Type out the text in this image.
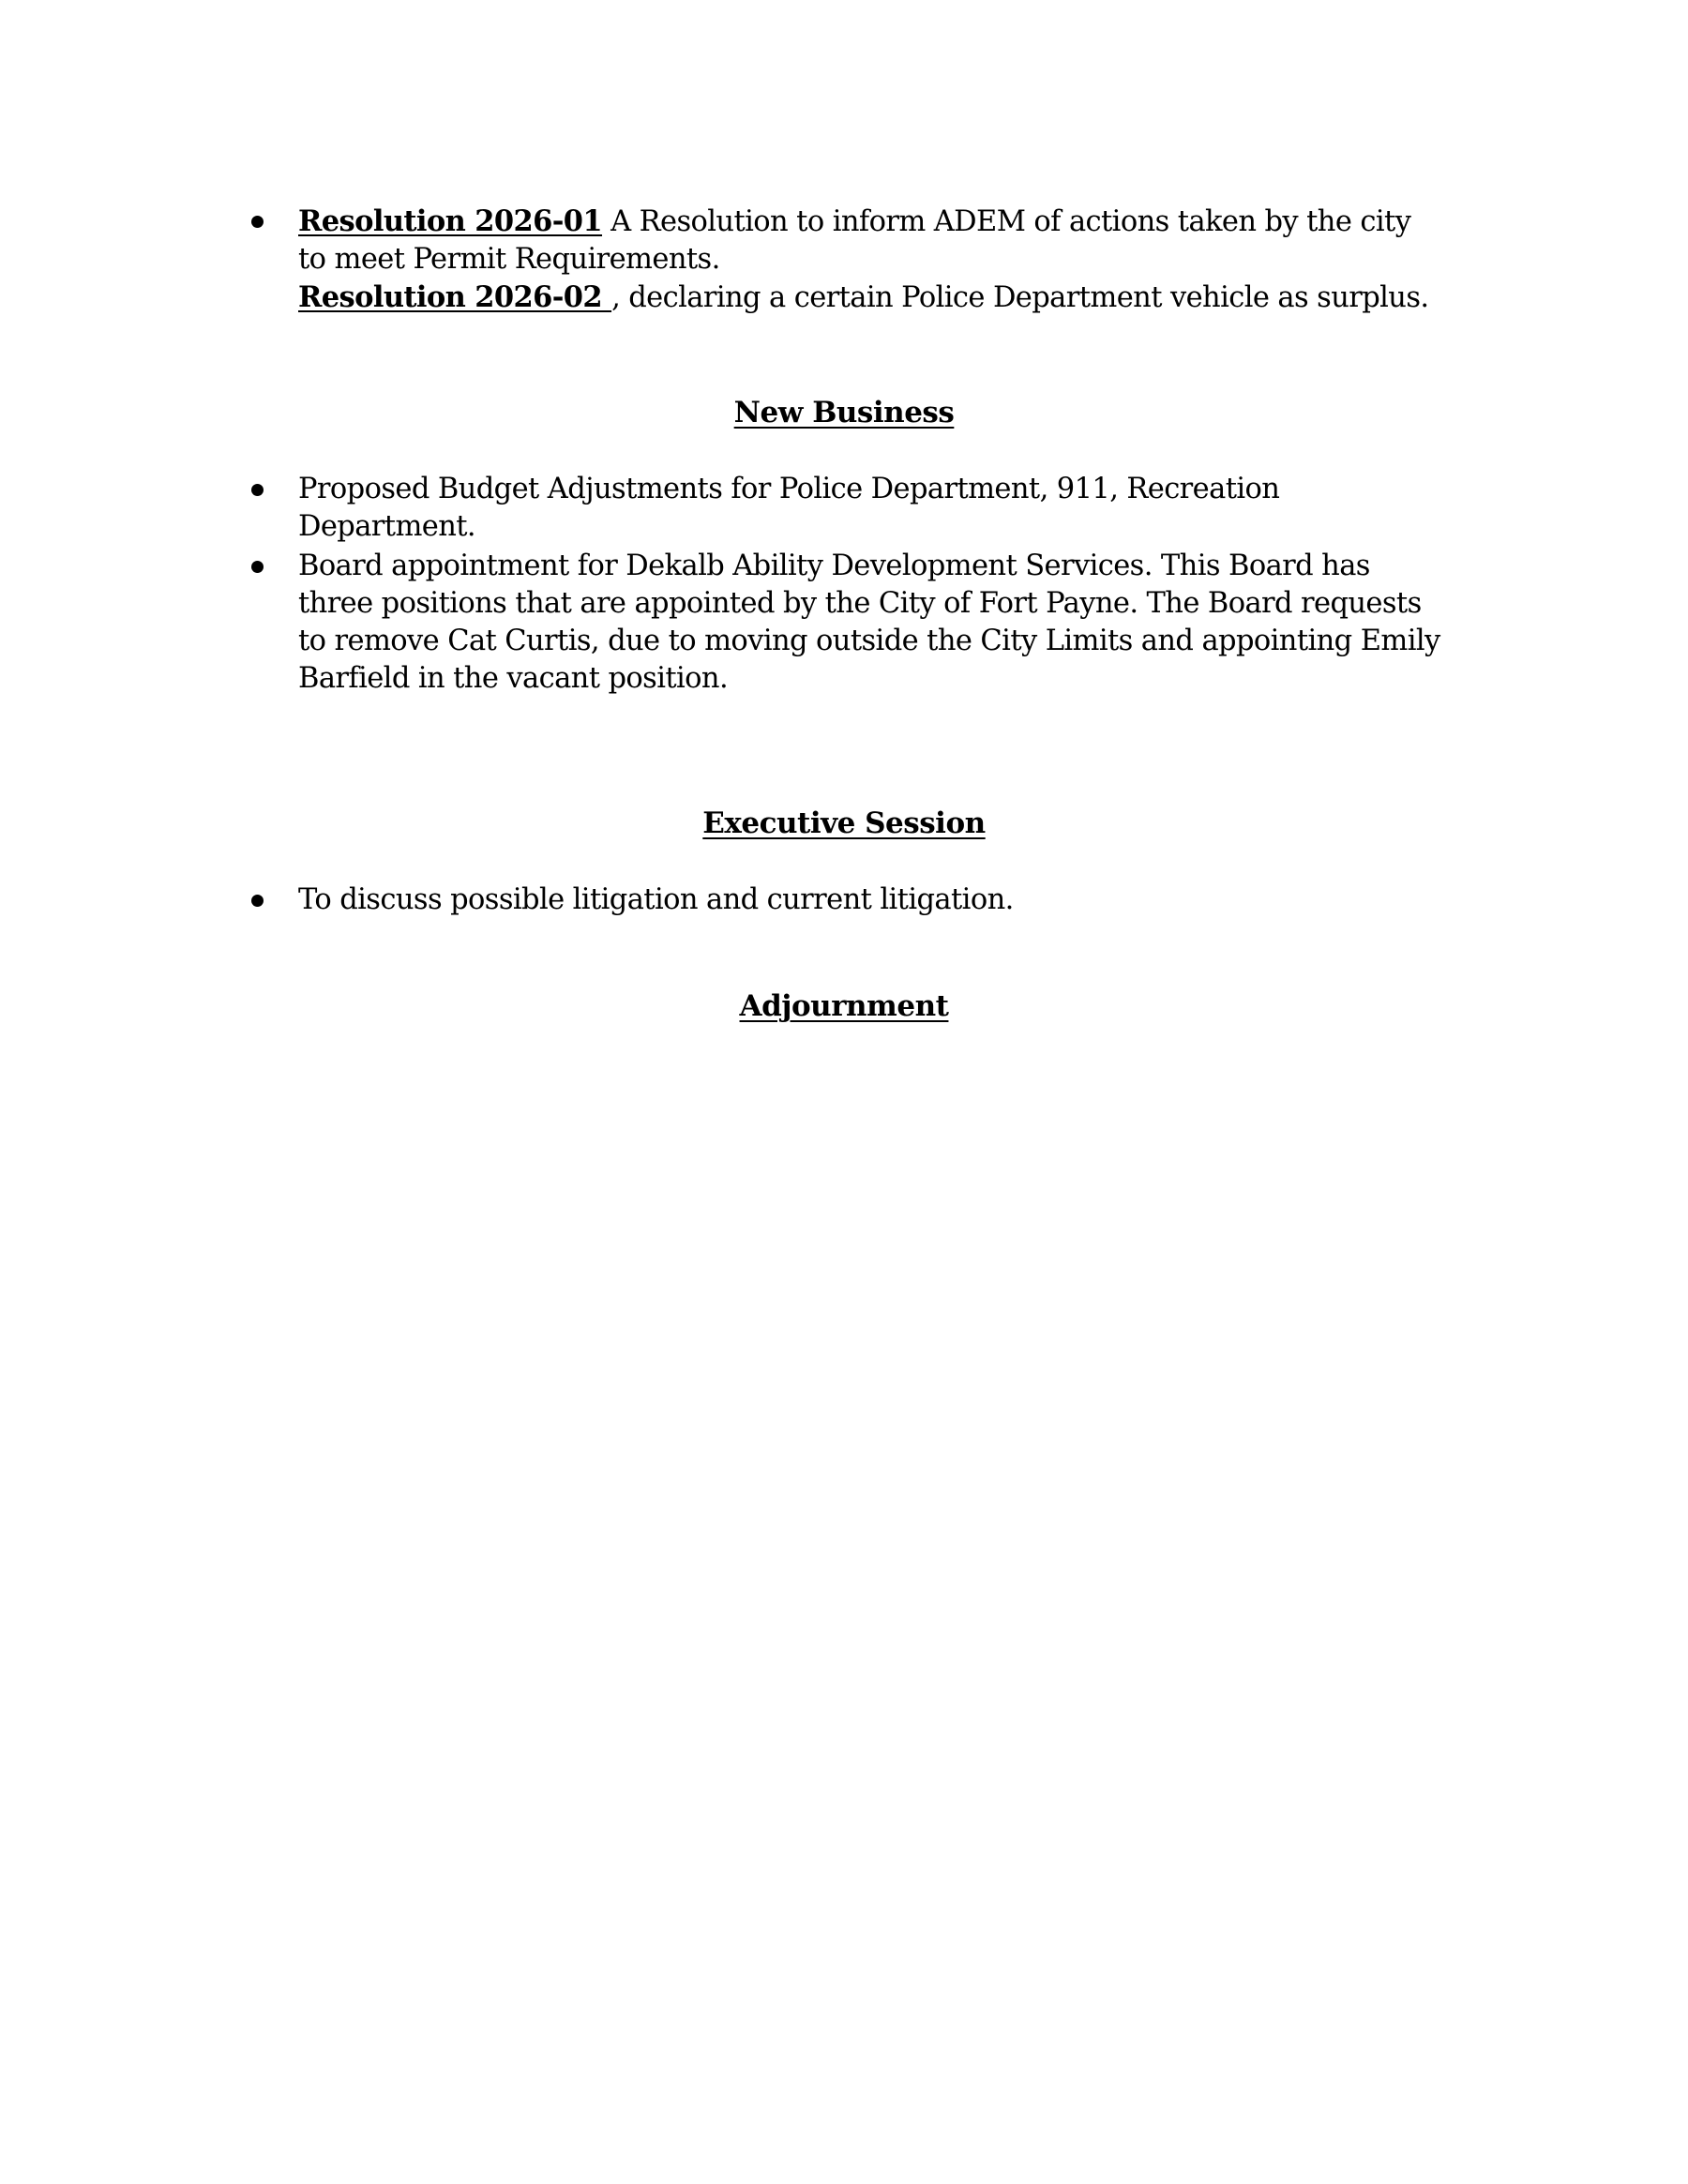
Resolution 2026-01 A Resolution to inform ADEM of actions taken by the city
to meet Permit Requirements.
Resolution 2026-02 , declaring a certain Police Department vehicle as surplus.
New Business
Proposed Budget Adjustments for Police Department, 911, Recreation
Department.
Board appointment for Dekalb Ability Development Services. This Board has
three positions that are appointed by the City of Fort Payne. The Board requests
to remove Cat Curtis, due to moving outside the City Limits and appointing Emily
Barfield in the vacant position.
Executive Session
To discuss possible litigation and current litigation.
Adjournment
